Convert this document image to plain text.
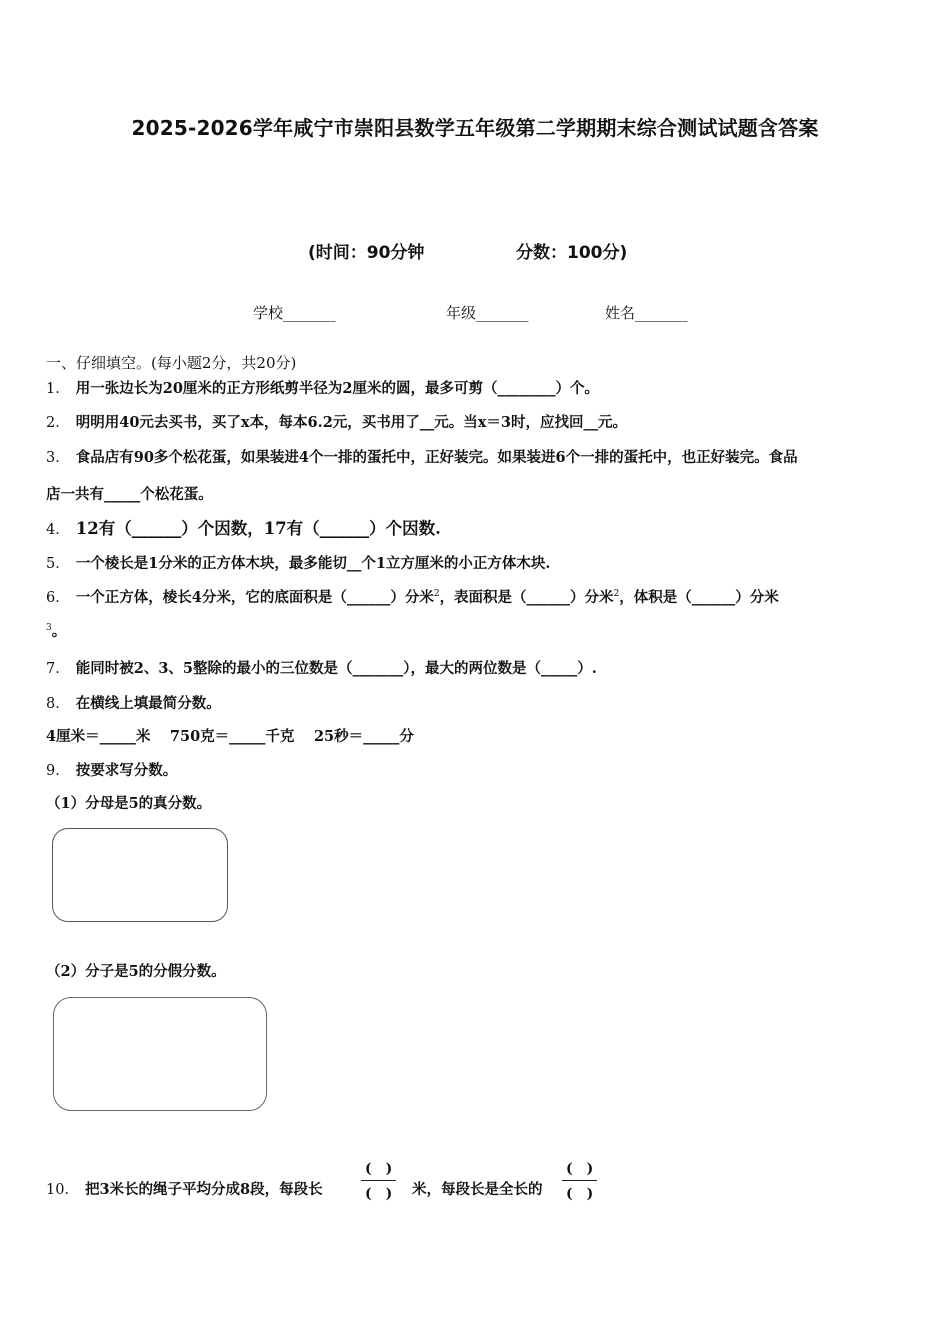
2025-2026学年咸宁市崇阳县数学五年级第二学期期末综合测试试题含答案
(时间：90分钟	分数：100分)
学校_______	年级_______	姓名_______
一、仔细填空。(每小题2分，共20分)
1． 用一张边长为20厘米的正方形纸剪半径为2厘米的圆，最多可剪（________）个。
2． 明明用40元去买书，买了x本，每本6.2元，买书用了__元。当x＝3时，应找回__元。
3． 食品店有90多个松花蛋，如果装进4个一排的蛋托中，正好装完。如果装进6个一排的蛋托中，也正好装完。食品
店一共有_____个松花蛋。
4． 12有（______）个因数，17有（______）个因数.
5． 一个棱长是1分米的正方体木块，最多能切__个1立方厘米的小正方体木块.
6． 一个正方体，棱长4分米，它的底面积是（______）分米$^2$，表面积是（______）分米$^2$，体积是（______）分米
$^3$。
7． 能同时被2、3、5整除的最小的三位数是（_______），最大的两位数是（_____）.
8． 在横线上填最简分数。
4厘米＝_____米　 750克＝_____千克　 25秒＝_____分
9． 按要求写分数。
（1）分母是5的真分数。
（2）分子是5的分假分数。
10． 把3米长的绳子平均分成8段，每段长
(　)
(　) 米，每段长是全长的
(　)
(　)
